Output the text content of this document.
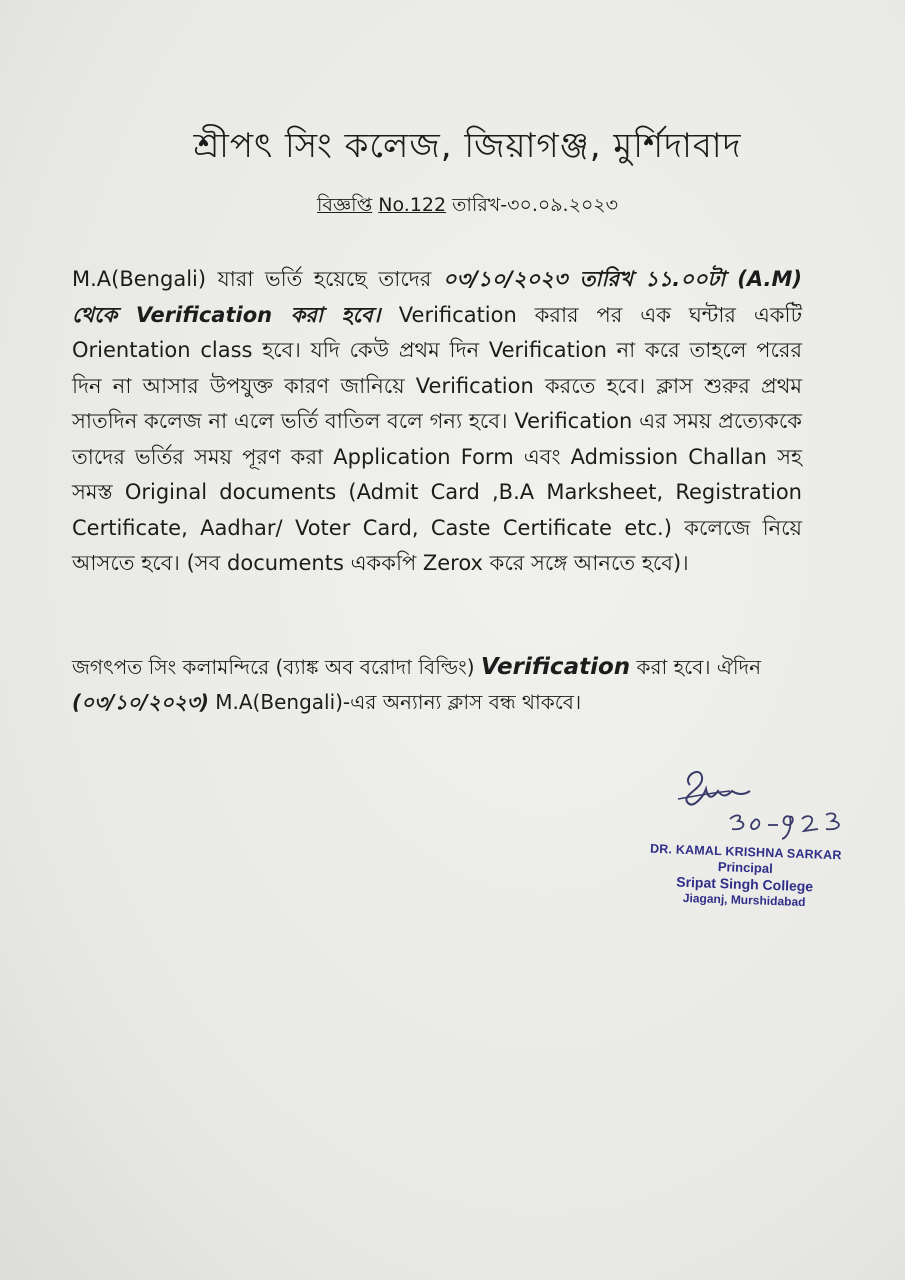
শ্রীপৎ সিং কলেজ, জিয়াগঞ্জ, মুর্শিদাবাদ
বিজ্ঞপ্তি No.122 তারিখ-৩০.০৯.২০২৩
M.A(Bengali) যারা ভর্তি হয়েছে তাদের ০৩/১০/২০২৩ তারিখ ১১.০০টা (A.M) থেকে Verification করা হবে। Verification করার পর এক ঘন্টার একটি Orientation class হবে। যদি কেউ প্রথম দিন Verification না করে তাহলে পরের দিন না আসার উপযুক্ত কারণ জানিয়ে Verification করতে হবে। ক্লাস শুরুর প্রথম সাতদিন কলেজ না এলে ভর্তি বাতিল বলে গন্য হবে। Verification এর সময় প্রত্যেককে তাদের ভর্তির সময় পূরণ করা Application Form এবং Admission Challan সহ সমস্ত Original documents (Admit Card ,B.A Marksheet, Registration Certificate, Aadhar/ Voter Card, Caste Certificate etc.) কলেজে নিয়ে আসতে হবে। (সব documents এককপি Zerox করে সঙ্গে আনতে হবে)।
জগৎপত সিং কলামন্দিরে (ব্যাঙ্ক অব বরোদা বিল্ডিং) Verification করা হবে। ঐদিন (০৩/১০/২০২৩) M.A(Bengali)-এর অন্যান্য ক্লাস বন্ধ থাকবে।
DR. KAMAL KRISHNA SARKAR
Principal
Sripat Singh College
Jiaganj, Murshidabad
